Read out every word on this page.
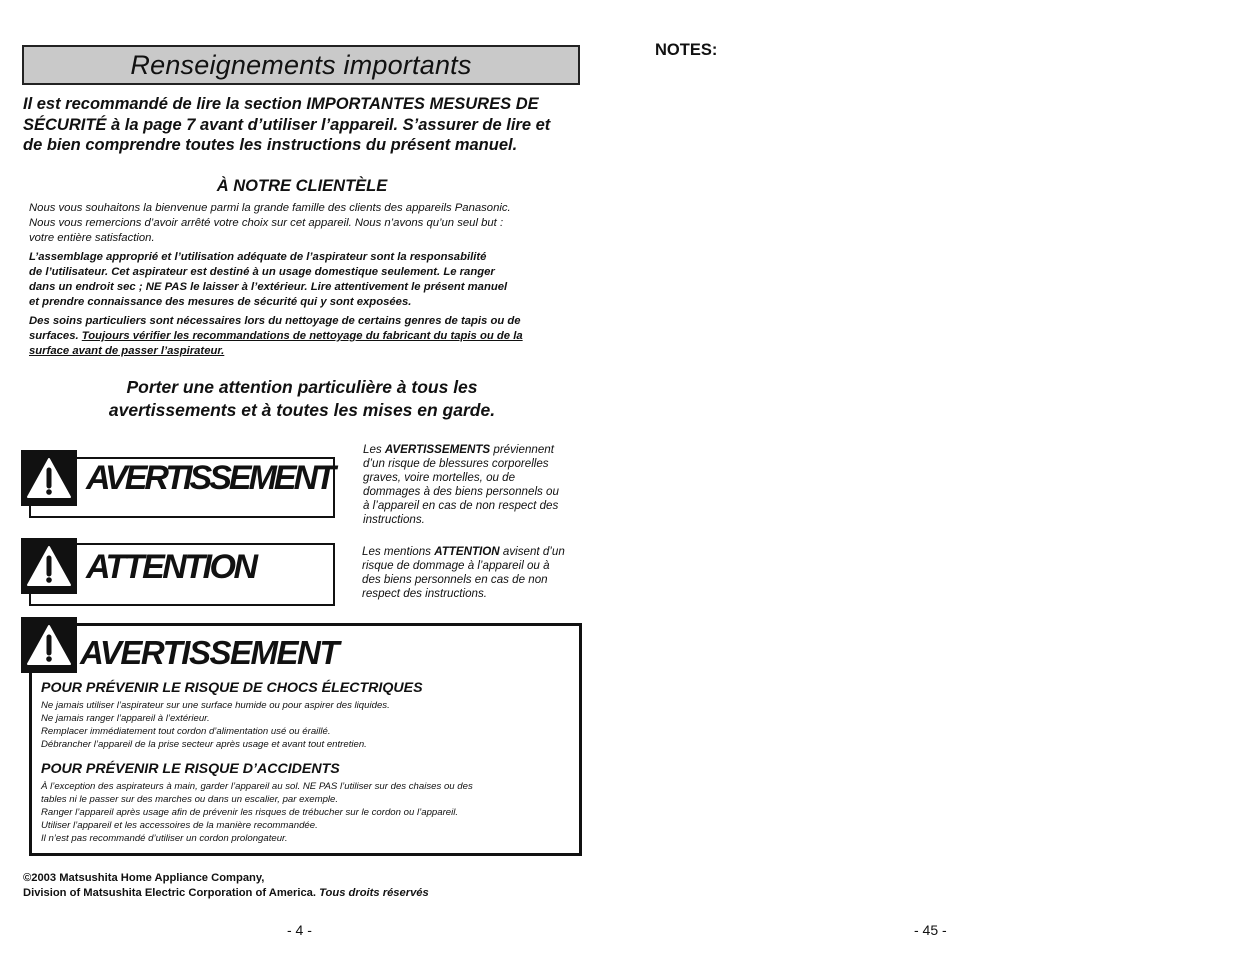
Renseignements importants

Il est recommandé de lire la section IMPORTANTES MESURES DE

SÉCURITÉ à la page 7 avant d’utiliser l’appareil. S’assurer de lire et

de bien comprendre toutes les instructions du présent manuel.

À NOTRE CLIENTÈLE

Nous vous souhaitons la bienvenue parmi la grande famille des clients des appareils Panasonic.

Nous vous remercions d’avoir arrêté votre choix sur cet appareil. Nous n’avons qu’un seul but :

votre entière satisfaction.

L’assemblage approprié et l’utilisation adéquate de l’aspirateur sont la responsabilité

de l’utilisateur. Cet aspirateur est destiné à un usage domestique seulement. Le ranger

dans un endroit sec ; NE PAS le laisser à l’extérieur. Lire attentivement le présent manuel

et prendre connaissance des mesures de sécurité qui y sont exposées.

Des soins particuliers sont nécessaires lors du nettoyage de certains genres de tapis ou de

surfaces. Toujours vérifier les recommandations de nettoyage du fabricant du tapis ou de la

surface avant de passer l’aspirateur.

Porter une attention particulière à tous les

avertissements et à toutes les mises en garde.

AVERTISSEMENT

Les AVERTISSEMENTS préviennent

d’un risque de blessures corporelles

graves, voire mortelles, ou de

dommages à des biens personnels ou

à l’appareil en cas de non respect des

instructions.

ATTENTION	Les mentions ATTENTION avisent d’un

risque de dommage à l’appareil ou à

des biens personnels en cas de non

respect des instructions.

AVERTISSEMENT
POUR PRÉVENIR LE RISQUE DE CHOCS ÉLECTRIQUES

Ne jamais utiliser l’aspirateur sur une surface humide ou pour aspirer des liquides.

Ne jamais ranger l’appareil à l’extérieur.

Remplacer immédiatement tout cordon d’alimentation usé ou éraillé.

Débrancher l’appareil de la prise secteur après usage et avant tout entretien.

POUR PRÉVENIR LE RISQUE D’ACCIDENTS

À l’exception des aspirateurs à main, garder l’appareil au sol. NE PAS l’utiliser sur des chaises ou des

tables ni le passer sur des marches ou dans un escalier, par exemple.

Ranger l’appareil après usage afin de prévenir les risques de trébucher sur le cordon ou l’appareil.

Utiliser l’appareil et les accessoires de la manière recommandée.

Il n’est pas recommandé d’utiliser un cordon prolongateur.

©2003 Matsushita Home Appliance Company,

Division of Matsushita Electric Corporation of America. Tous droits réservés

- 4 -
NOTES:
- 45 -
